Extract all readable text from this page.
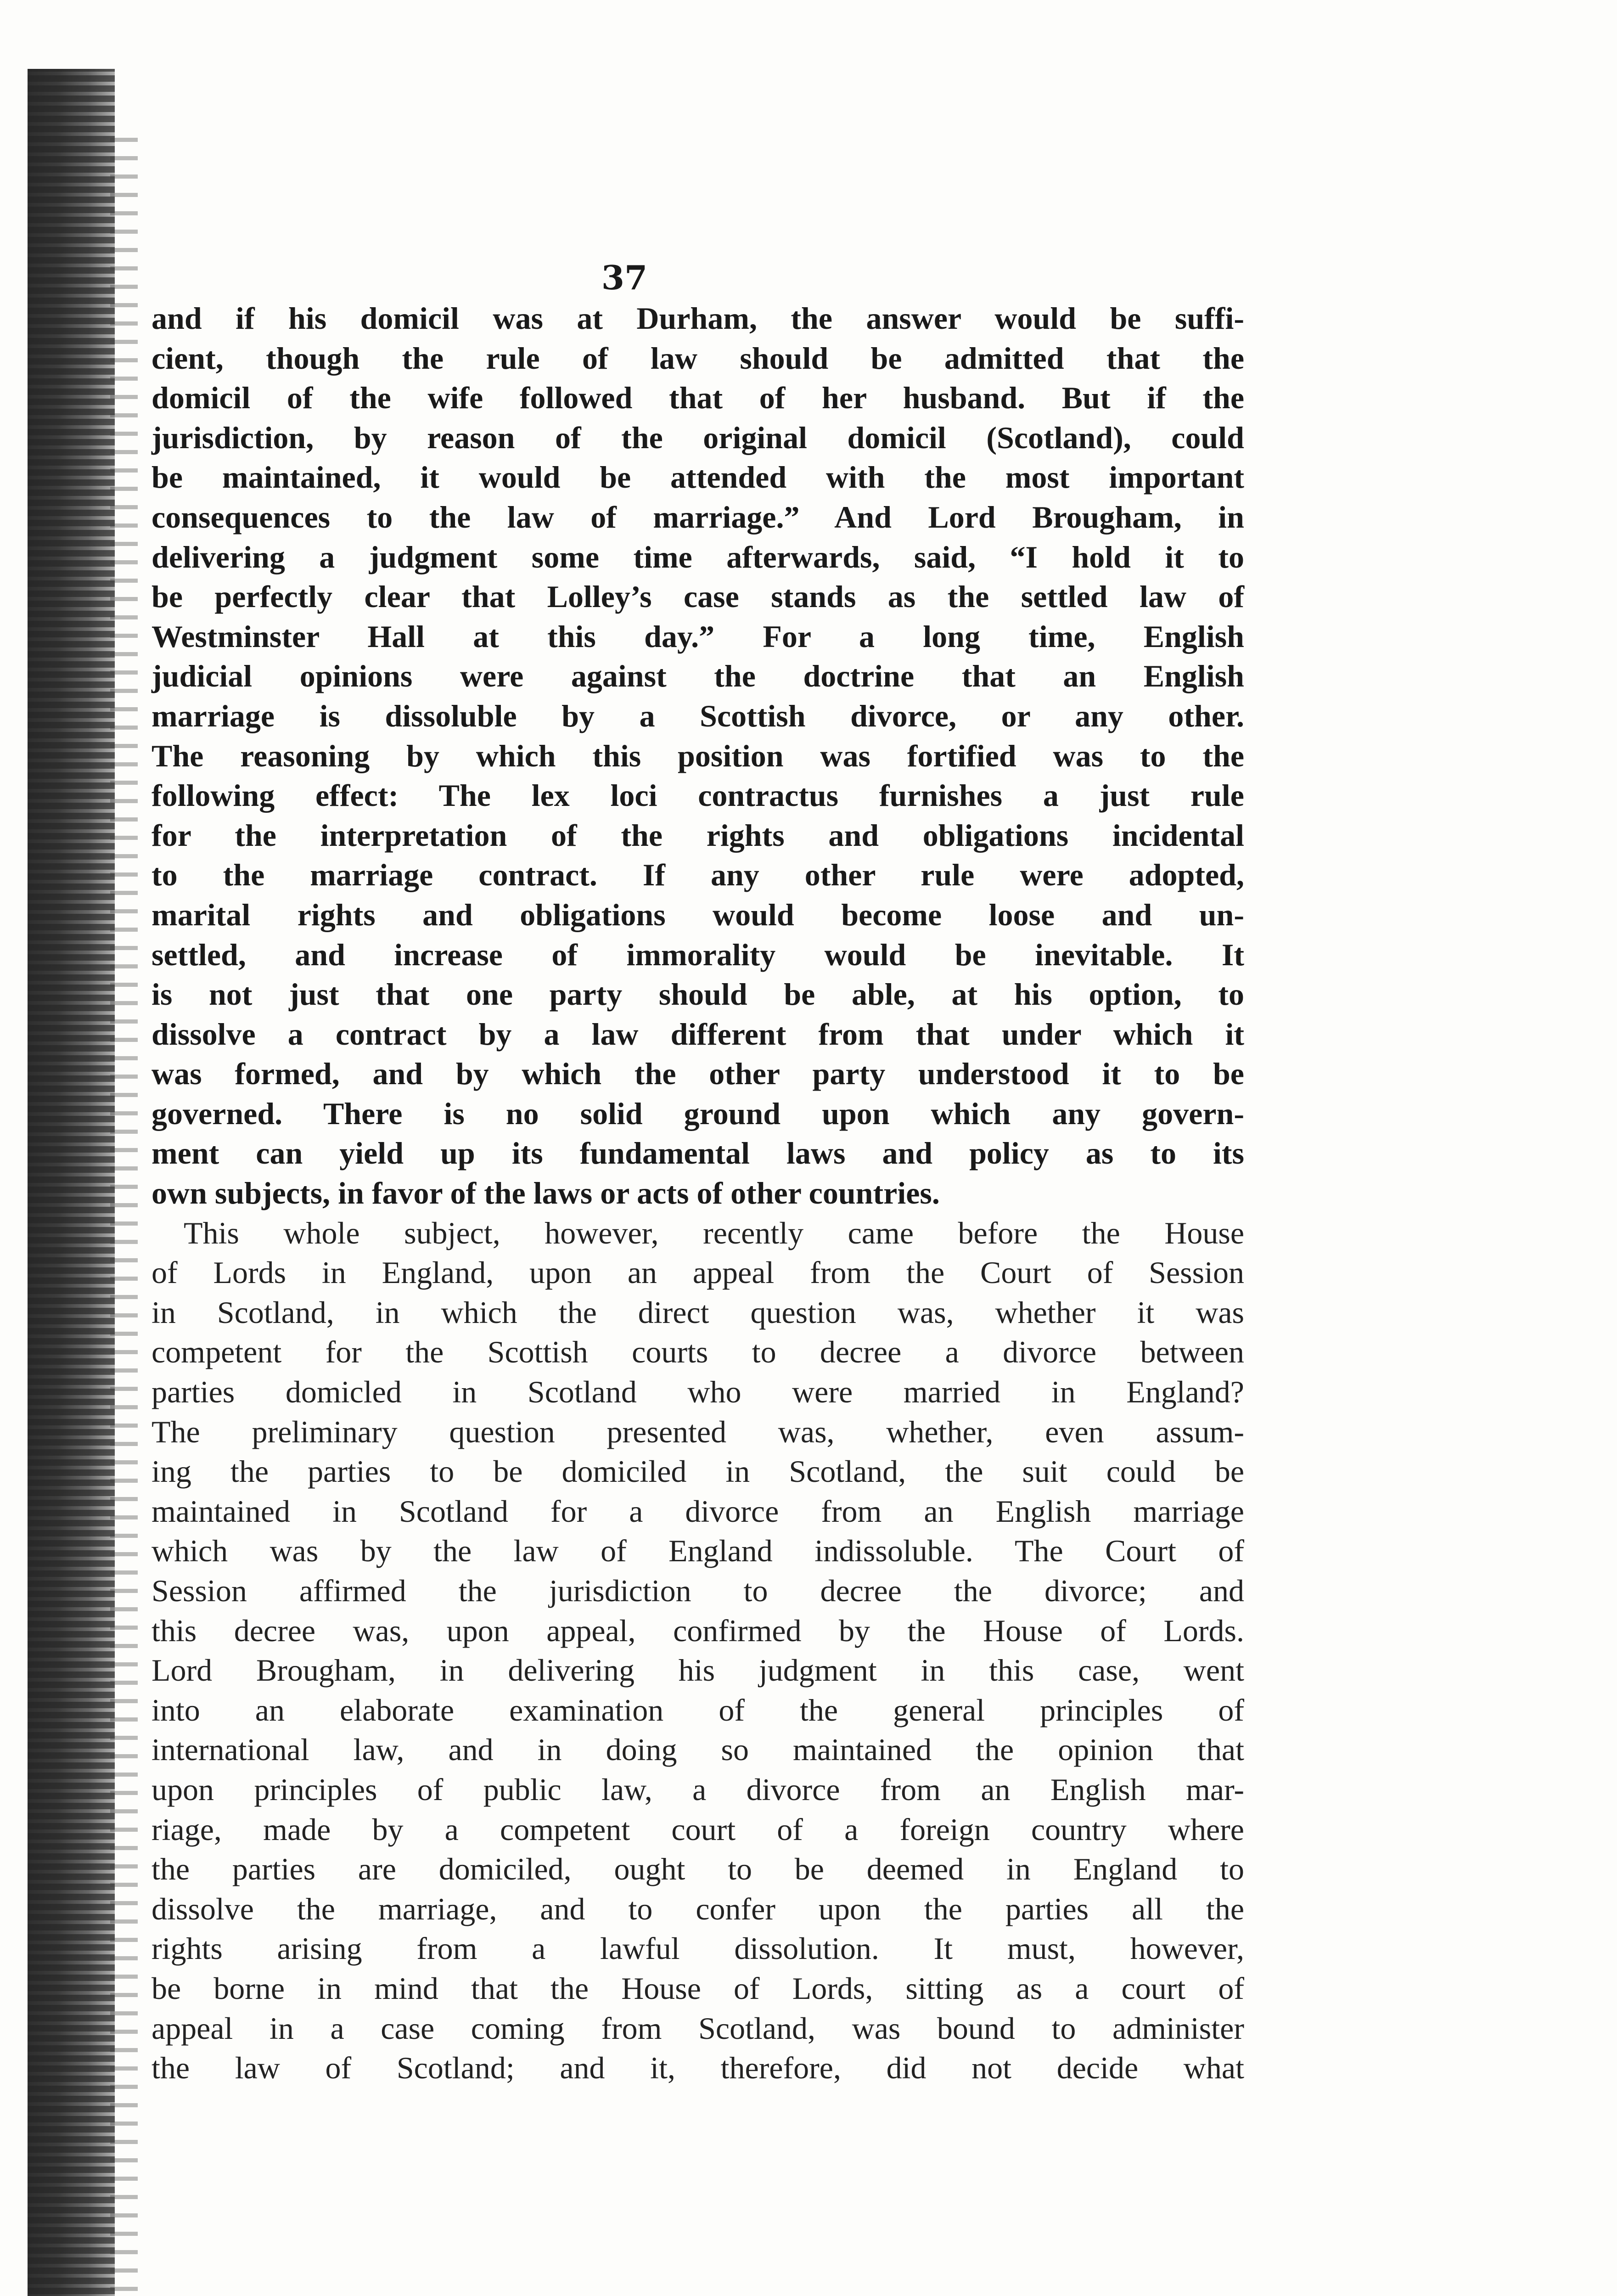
37
and if his domicil was at Durham, the answer would be suffi-
cient, though the rule of law should be admitted that the
domicil of the wife followed that of her husband. But if the
jurisdiction, by reason of the original domicil (Scotland), could
be maintained, it would be attended with the most important
consequences to the law of marriage.” And Lord Brougham, in
delivering a judgment some time afterwards, said, “I hold it to
be perfectly clear that Lolley’s case stands as the settled law of
Westminster Hall at this day.” For a long time, English
judicial opinions were against the doctrine that an English
marriage is dissoluble by a Scottish divorce, or any other.
The reasoning by which this position was fortified was to the
following effect: The lex loci contractus furnishes a just rule
for the interpretation of the rights and obligations incidental
to the marriage contract. If any other rule were adopted,
marital rights and obligations would become loose and un-
settled, and increase of immorality would be inevitable. It
is not just that one party should be able, at his option, to
dissolve a contract by a law different from that under which it
was formed, and by which the other party understood it to be
governed. There is no solid ground upon which any govern-
ment can yield up its fundamental laws and policy as to its
own subjects, in favor of the laws or acts of other countries.
This whole subject, however, recently came before the House
of Lords in England, upon an appeal from the Court of Session
in Scotland, in which the direct question was, whether it was
competent for the Scottish courts to decree a divorce between
parties domicled in Scotland who were married in England?
The preliminary question presented was, whether, even assum-
ing the parties to be domiciled in Scotland, the suit could be
maintained in Scotland for a divorce from an English marriage
which was by the law of England indissoluble. The Court of
Session affirmed the jurisdiction to decree the divorce; and
this decree was, upon appeal, confirmed by the House of Lords.
Lord Brougham, in delivering his judgment in this case, went
into an elaborate examination of the general principles of
international law, and in doing so maintained the opinion that
upon principles of public law, a divorce from an English mar-
riage, made by a competent court of a foreign country where
the parties are domiciled, ought to be deemed in England to
dissolve the marriage, and to confer upon the parties all the
rights arising from a lawful dissolution. It must, however,
be borne in mind that the House of Lords, sitting as a court of
appeal in a case coming from Scotland, was bound to administer
the law of Scotland; and it, therefore, did not decide what
